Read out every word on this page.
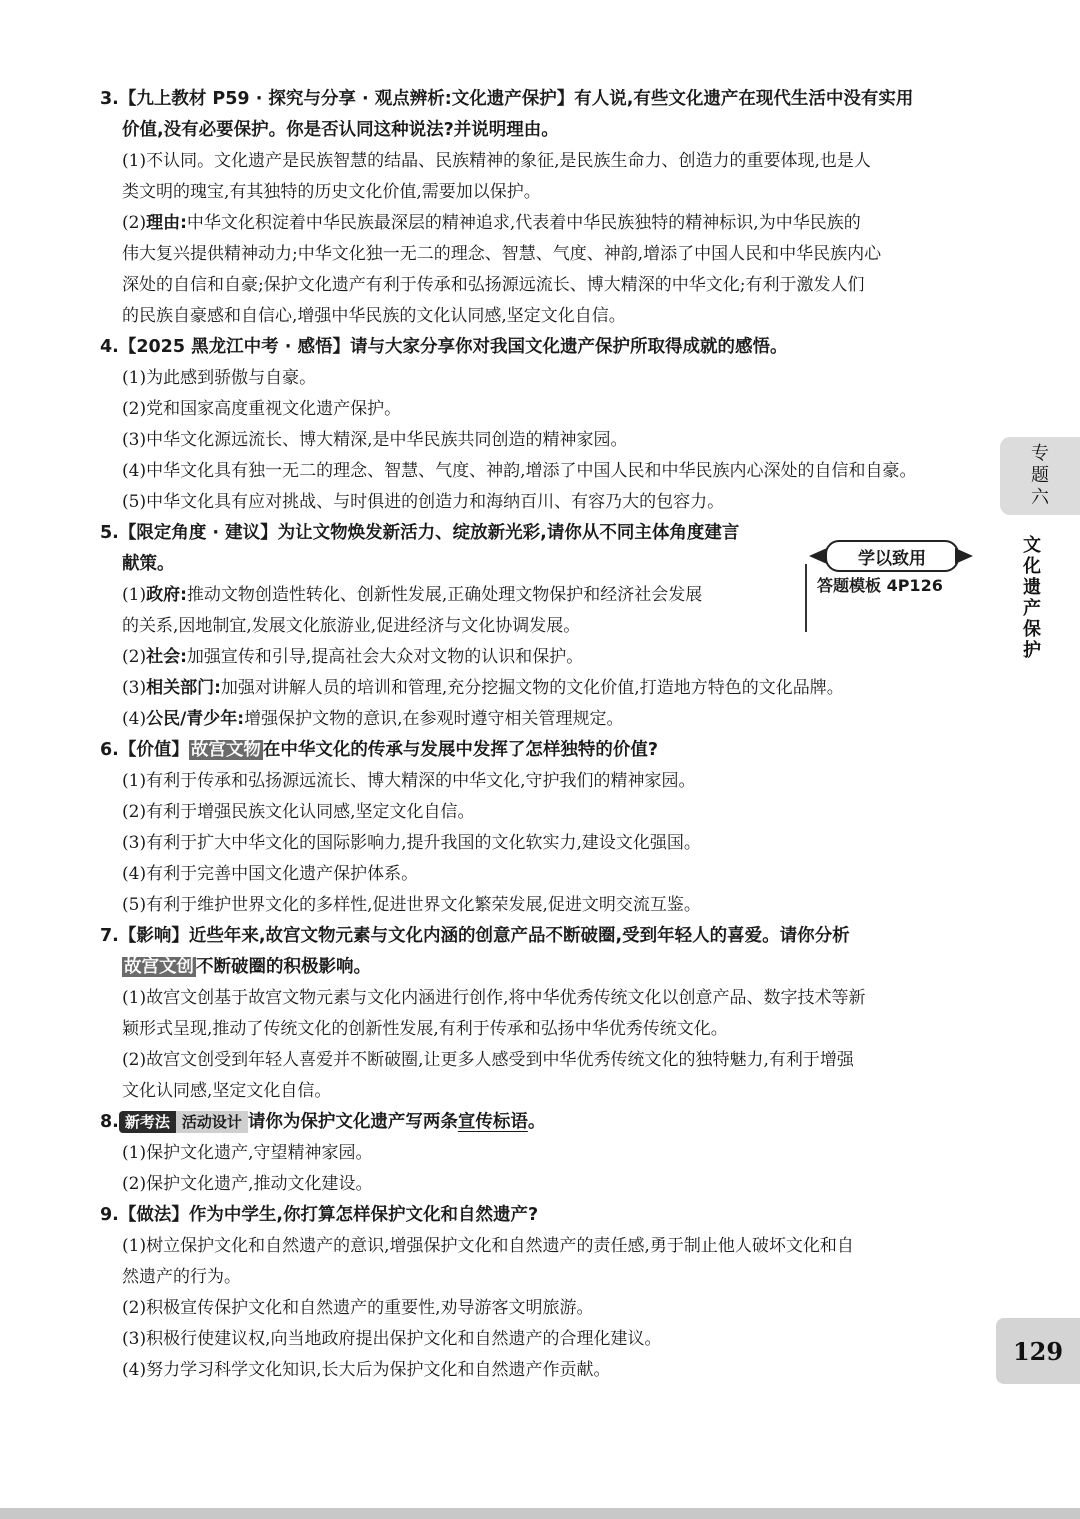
3.【九上教材 P59 · 探究与分享 · 观点辨析:文化遗产保护】有人说,有些文化遗产在现代生活中没有实用
价值,没有必要保护。你是否认同这种说法?并说明理由。
(1)不认同。文化遗产是民族智慧的结晶、民族精神的象征,是民族生命力、创造力的重要体现,也是人
类文明的瑰宝,有其独特的历史文化价值,需要加以保护。
(2)理由:中华文化积淀着中华民族最深层的精神追求,代表着中华民族独特的精神标识,为中华民族的
伟大复兴提供精神动力;中华文化独一无二的理念、智慧、气度、神韵,增添了中国人民和中华民族内心
深处的自信和自豪;保护文化遗产有利于传承和弘扬源远流长、博大精深的中华文化;有利于激发人们
的民族自豪感和自信心,增强中华民族的文化认同感,坚定文化自信。
4.【2025 黑龙江中考 · 感悟】请与大家分享你对我国文化遗产保护所取得成就的感悟。
(1)为此感到骄傲与自豪。
(2)党和国家高度重视文化遗产保护。
(3)中华文化源远流长、博大精深,是中华民族共同创造的精神家园。
(4)中华文化具有独一无二的理念、智慧、气度、神韵,增添了中国人民和中华民族内心深处的自信和自豪。
(5)中华文化具有应对挑战、与时俱进的创造力和海纳百川、有容乃大的包容力。
5.【限定角度 · 建议】为让文物焕发新活力、绽放新光彩,请你从不同主体角度建言
献策。
(1)政府:推动文物创造性转化、创新性发展,正确处理文物保护和经济社会发展
的关系,因地制宜,发展文化旅游业,促进经济与文化协调发展。
(2)社会:加强宣传和引导,提高社会大众对文物的认识和保护。
(3)相关部门:加强对讲解人员的培训和管理,充分挖掘文物的文化价值,打造地方特色的文化品牌。
(4)公民/青少年:增强保护文物的意识,在参观时遵守相关管理规定。
6.【价值】 故宫文物 在中华文化的传承与发展中发挥了怎样独特的价值?
(1)有利于传承和弘扬源远流长、博大精深的中华文化,守护我们的精神家园。
(2)有利于增强民族文化认同感,坚定文化自信。
(3)有利于扩大中华文化的国际影响力,提升我国的文化软实力,建设文化强国。
(4)有利于完善中国文化遗产保护体系。
(5)有利于维护世界文化的多样性,促进世界文化繁荣发展,促进文明交流互鉴。
7.【影响】近些年来,故宫文物元素与文化内涵的创意产品不断破圈,受到年轻人的喜爱。请你分析
故宫文创 不断破圈的积极影响。
(1)故宫文创基于故宫文物元素与文化内涵进行创作,将中华优秀传统文化以创意产品、数字技术等新
颖形式呈现,推动了传统文化的创新性发展,有利于传承和弘扬中华优秀传统文化。
(2)故宫文创受到年轻人喜爱并不断破圈,让更多人感受到中华优秀传统文化的独特魅力,有利于增强
文化认同感,坚定文化自信。
8. 新考法 活动设计 请你为保护文化遗产写两条宣传标语。
(1)保护文化遗产,守望精神家园。
(2)保护文化遗产,推动文化建设。
9.【做法】作为中学生,你打算怎样保护文化和自然遗产?
(1)树立保护文化和自然遗产的意识,增强保护文化和自然遗产的责任感,勇于制止他人破坏文化和自
然遗产的行为。
(2)积极宣传保护文化和自然遗产的重要性,劝导游客文明旅游。
(3)积极行使建议权,向当地政府提出保护文化和自然遗产的合理化建议。
(4)努力学习科学文化知识,长大后为保护文化和自然遗产作贡献。
学以致用
答题模板 4P126
专
题
六
文
化
遗
产
保
护
129
